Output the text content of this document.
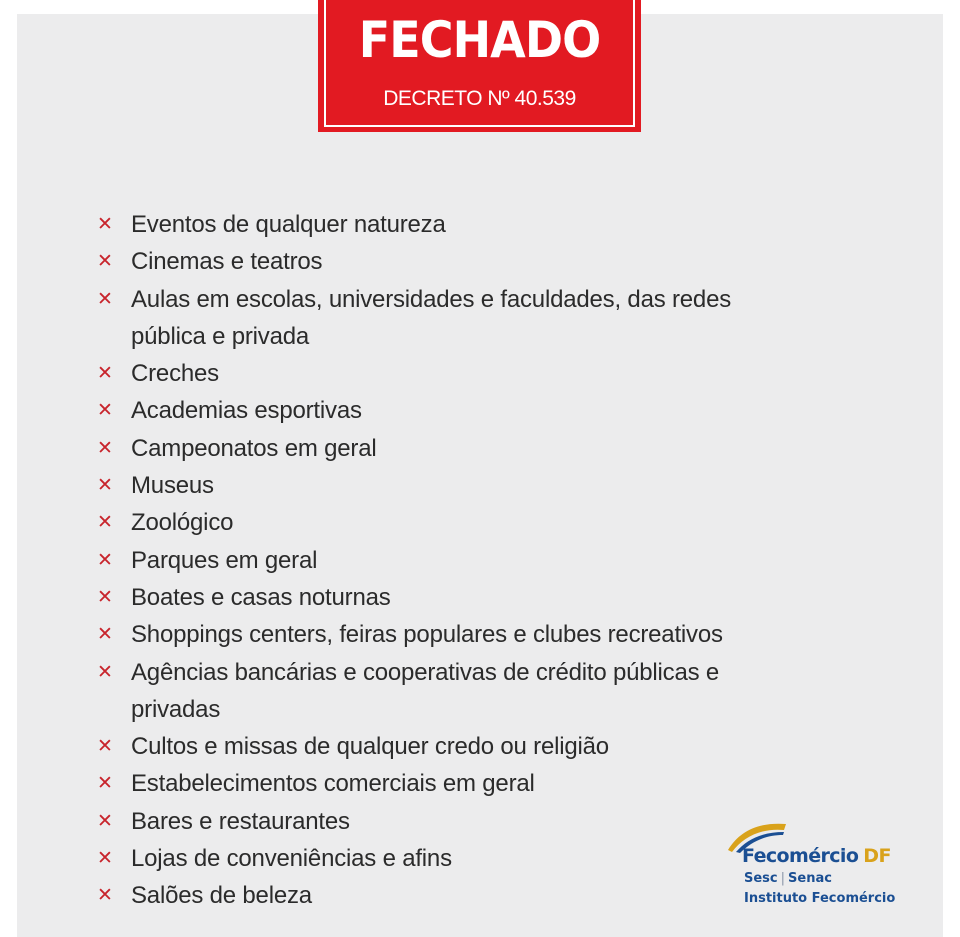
FECHADO
DECRETO Nº 40.539
✕ Eventos de qualquer natureza
✕ Cinemas e teatros
✕ Aulas em escolas, universidades e faculdades, das redes pública e privada
✕ Creches
✕ Academias esportivas
✕ Campeonatos em geral
✕ Museus
✕ Zoológico
✕ Parques em geral
✕ Boates e casas noturnas
✕ Shoppings centers, feiras populares e clubes recreativos
✕ Agências bancárias e cooperativas de crédito públicas e privadas
✕ Cultos e missas de qualquer credo ou religião
✕ Estabelecimentos comerciais em geral
✕ Bares e restaurantes
✕ Lojas de conveniências e afins
✕ Salões de beleza
Fecomércio DF
Sesc | Senac
Instituto Fecomércio
